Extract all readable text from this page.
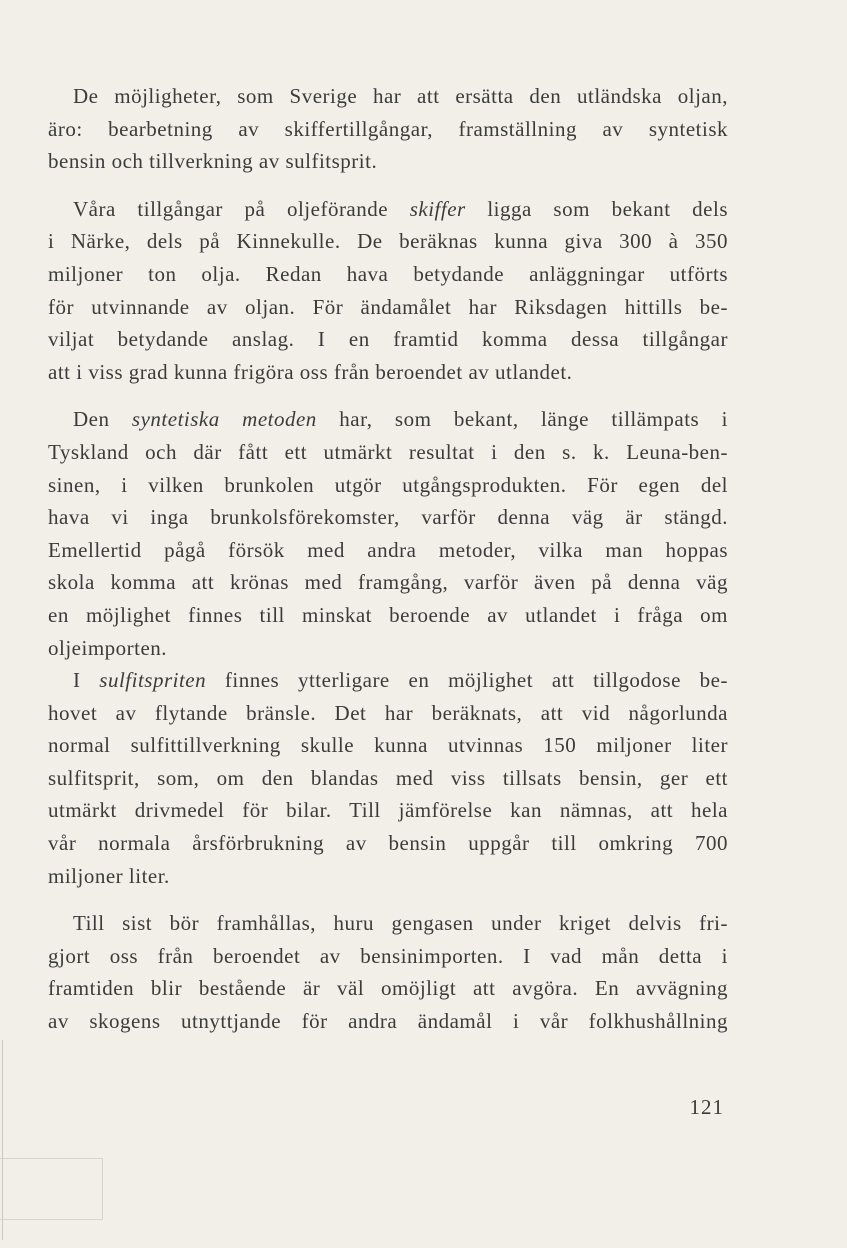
De möjligheter, som Sverige har att ersätta den utländska oljan,
äro: bearbetning av skiffertillgångar, framställning av syntetisk
bensin och tillverkning av sulfitsprit.
Våra tillgångar på oljeförande skiffer ligga som bekant dels
i Närke, dels på Kinnekulle. De beräknas kunna giva 300 à 350
miljoner ton olja. Redan hava betydande anläggningar utförts
för utvinnande av oljan. För ändamålet har Riksdagen hittills be-
viljat betydande anslag. I en framtid komma dessa tillgångar
att i viss grad kunna frigöra oss från beroendet av utlandet.
Den syntetiska metoden har, som bekant, länge tillämpats i
Tyskland och där fått ett utmärkt resultat i den s. k. Leuna-ben-
sinen, i vilken brunkolen utgör utgångsprodukten. För egen del
hava vi inga brunkolsförekomster, varför denna väg är stängd.
Emellertid pågå försök med andra metoder, vilka man hoppas
skola komma att krönas med framgång, varför även på denna väg
en möjlighet finnes till minskat beroende av utlandet i fråga om
oljeimporten.
I sulfitspriten finnes ytterligare en möjlighet att tillgodose be-
hovet av flytande bränsle. Det har beräknats, att vid någorlunda
normal sulfittillverkning skulle kunna utvinnas 150 miljoner liter
sulfitsprit, som, om den blandas med viss tillsats bensin, ger ett
utmärkt drivmedel för bilar. Till jämförelse kan nämnas, att hela
vår normala årsförbrukning av bensin uppgår till omkring 700
miljoner liter.
Till sist bör framhållas, huru gengasen under kriget delvis fri-
gjort oss från beroendet av bensinimporten. I vad mån detta i
framtiden blir bestående är väl omöjligt att avgöra. En avvägning
av skogens utnyttjande för andra ändamål i vår folkhushållning
121
